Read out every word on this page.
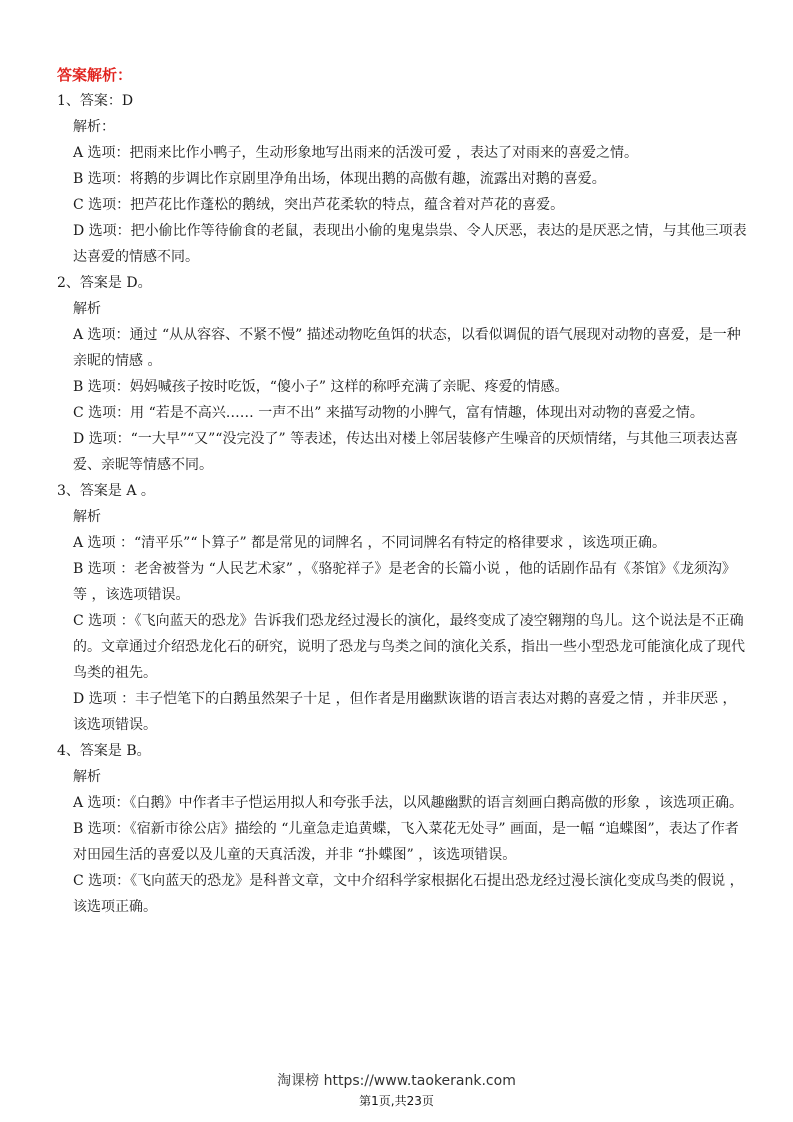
答案解析：

1、答案：D

解析：

A 选项：把雨来比作小鸭子，生动形象地写出雨来的活泼可爱 ，表达了对雨来的喜爱之情。

B 选项：将鹅的步调比作京剧里净角出场，体现出鹅的高傲有趣，流露出对鹅的喜爱。

C 选项：把芦花比作蓬松的鹅绒，突出芦花柔软的特点，蕴含着对芦花的喜爱。

D 选项：把小偷比作等待偷食的老鼠，表现出小偷的鬼鬼祟祟、令人厌恶，表达的是厌恶之情，与其他三项表达喜爱的情感不同。

2、答案是 D。

解析

A 选项：通过 “从从容容、不紧不慢” 描述动物吃鱼饵的状态，以看似调侃的语气展现对动物的喜爱，是一种亲昵的情感 。

B 选项：妈妈喊孩子按时吃饭，“傻小子” 这样的称呼充满了亲昵、疼爱的情感。

C 选项：用 “若是不高兴…… 一声不出” 来描写动物的小脾气，富有情趣，体现出对动物的喜爱之情。

D 选项：“一大早”“又”“没完没了” 等表述，传达出对楼上邻居装修产生噪音的厌烦情绪，与其他三项表达喜爱、亲昵等情感不同。

3、答案是 A 。

解析

A 选项 ：“清平乐”“卜算子” 都是常见的词牌名 ，不同词牌名有特定的格律要求 ，该选项正确。

B 选项 ：老舍被誉为 “人民艺术家” ，《骆驼祥子》是老舍的长篇小说 ，他的话剧作品有《茶馆》《龙须沟》等 ，该选项错误。

C 选项 ：《飞向蓝天的恐龙》告诉我们恐龙经过漫长的演化，最终变成了凌空翱翔的鸟儿。这个说法是不正确的。文章通过介绍恐龙化石的研究，说明了恐龙与鸟类之间的演化关系，指出一些小型恐龙可能演化成了现代鸟类的祖先。

D 选项 ：丰子恺笔下的白鹅虽然架子十足 ，但作者是用幽默诙谐的语言表达对鹅的喜爱之情 ，并非厌恶 ，该选项错误。

4、答案是 B。

解析

A 选项：《白鹅》中作者丰子恺运用拟人和夸张手法，以风趣幽默的语言刻画白鹅高傲的形象 ，该选项正确。

B 选项：《宿新市徐公店》描绘的 “儿童急走追黄蝶，飞入菜花无处寻” 画面，是一幅 “追蝶图”，表达了作者对田园生活的喜爱以及儿童的天真活泼，并非 “扑蝶图” ，该选项错误。

C 选项：《飞向蓝天的恐龙》是科普文章，文中介绍科学家根据化石提出恐龙经过漫长演化变成鸟类的假说 ，该选项正确。

淘课榜 https://www.taokerank.com
第1页,共23页
